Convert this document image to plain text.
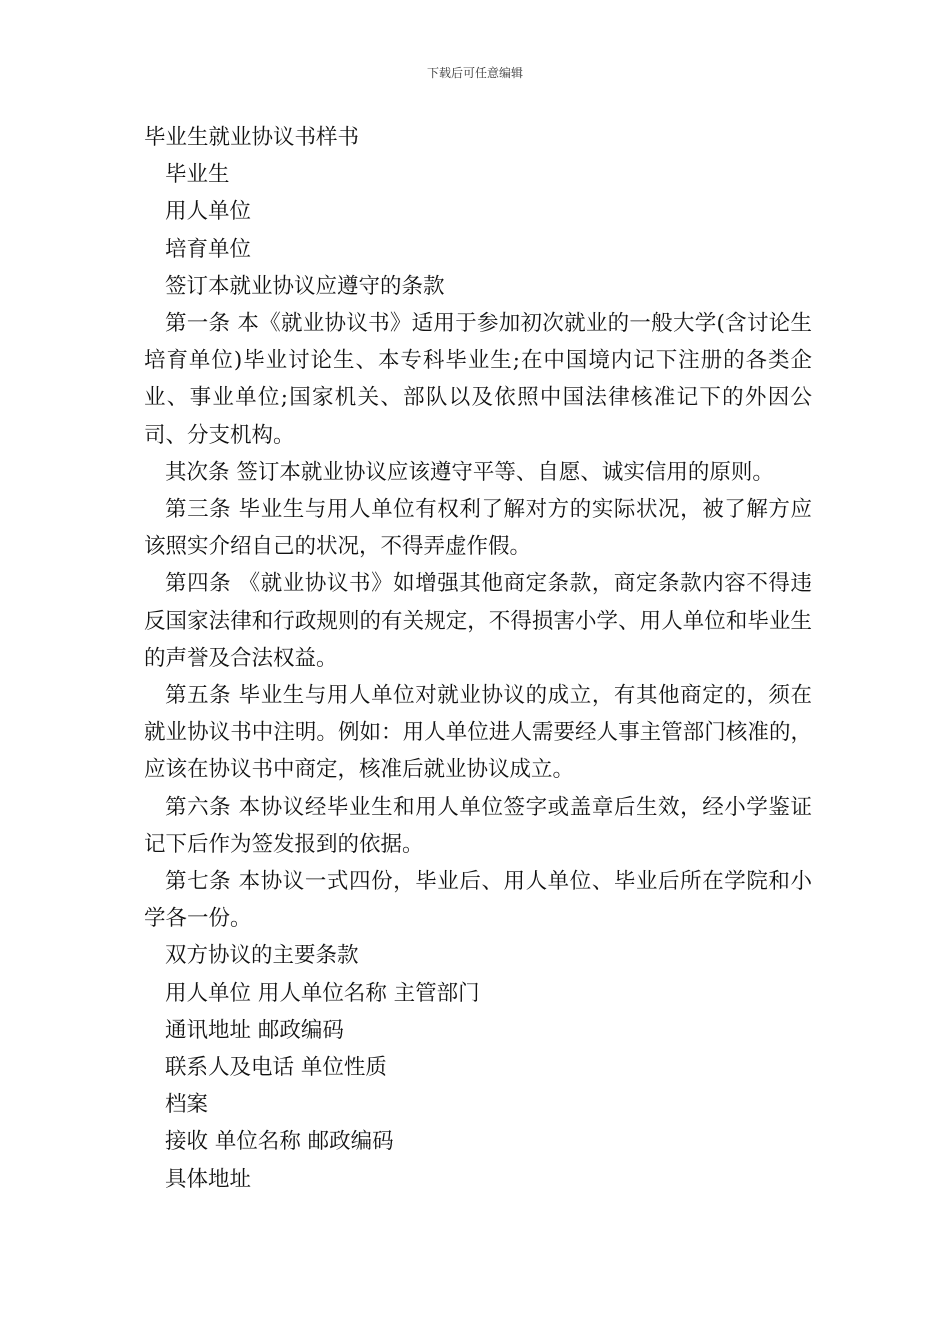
下载后可任意编辑

毕业生就业协议书样书

毕业生

用人单位

培育单位

签订本就业协议应遵守的条款

第一条 本《就业协议书》适用于参加初次就业的一般大学(含讨论生培育单位)毕业讨论生、本专科毕业生;在中国境内记下注册的各类企业、事业单位;国家机关、部队以及依照中国法律核准记下的外因公司、分支机构。

其次条 签订本就业协议应该遵守平等、自愿、诚实信用的原则。

第三条 毕业生与用人单位有权利了解对方的实际状况，被了解方应该照实介绍自己的状况，不得弄虚作假。

第四条 《就业协议书》如增强其他商定条款，商定条款内容不得违反国家法律和行政规则的有关规定，不得损害小学、用人单位和毕业生的声誉及合法权益。

第五条 毕业生与用人单位对就业协议的成立，有其他商定的，须在就业协议书中注明。例如：用人单位进人需要经人事主管部门核准的，应该在协议书中商定，核准后就业协议成立。

第六条 本协议经毕业生和用人单位签字或盖章后生效，经小学鉴证记下后作为签发报到的依据。

第七条 本协议一式四份，毕业后、用人单位、毕业后所在学院和小学各一份。

双方协议的主要条款

用人单位 用人单位名称 主管部门

通讯地址 邮政编码

联系人及电话 单位性质

档案

接收 单位名称 邮政编码

具体地址
